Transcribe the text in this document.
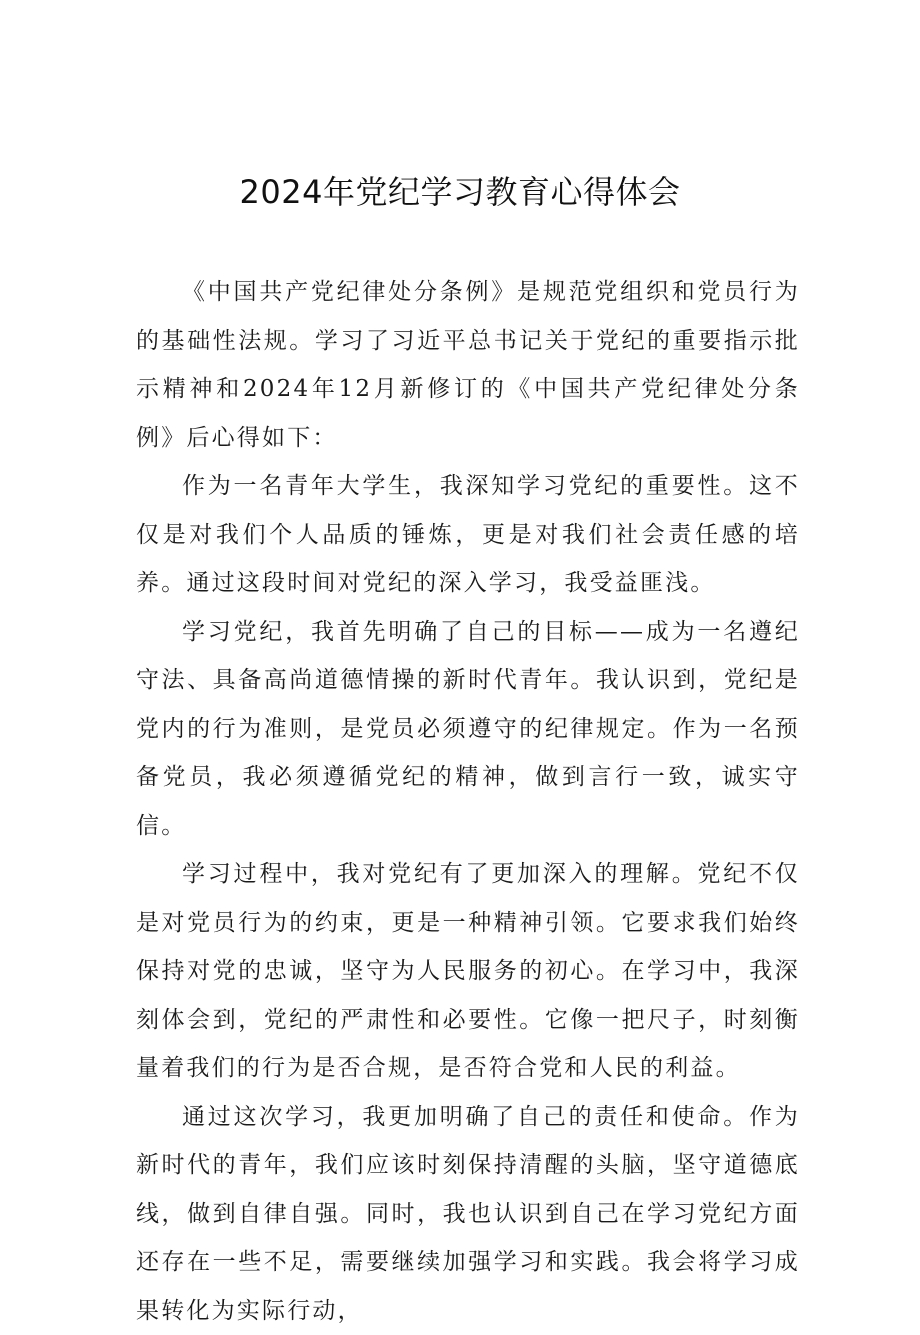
2024年党纪学习教育心得体会

《中国共产党纪律处分条例》是规范党组织和党员行为的基础性法规。学习了习近平总书记关于党纪的重要指示批示精神和2024年12月新修订的《中国共产党纪律处分条例》后心得如下：

作为一名青年大学生，我深知学习党纪的重要性。这不仅是对我们个人品质的锤炼，更是对我们社会责任感的培养。通过这段时间对党纪的深入学习，我受益匪浅。

学习党纪，我首先明确了自己的目标——成为一名遵纪守法、具备高尚道德情操的新时代青年。我认识到，党纪是党内的行为准则，是党员必须遵守的纪律规定。作为一名预备党员，我必须遵循党纪的精神，做到言行一致，诚实守信。

学习过程中，我对党纪有了更加深入的理解。党纪不仅是对党员行为的约束，更是一种精神引领。它要求我们始终保持对党的忠诚，坚守为人民服务的初心。在学习中，我深刻体会到，党纪的严肃性和必要性。它像一把尺子，时刻衡量着我们的行为是否合规，是否符合党和人民的利益。

通过这次学习，我更加明确了自己的责任和使命。作为新时代的青年，我们应该时刻保持清醒的头脑，坚守道德底线，做到自律自强。同时，我也认识到自己在学习党纪方面还存在一些不足，需要继续加强学习和实践。我会将学习成果转化为实际行动，
